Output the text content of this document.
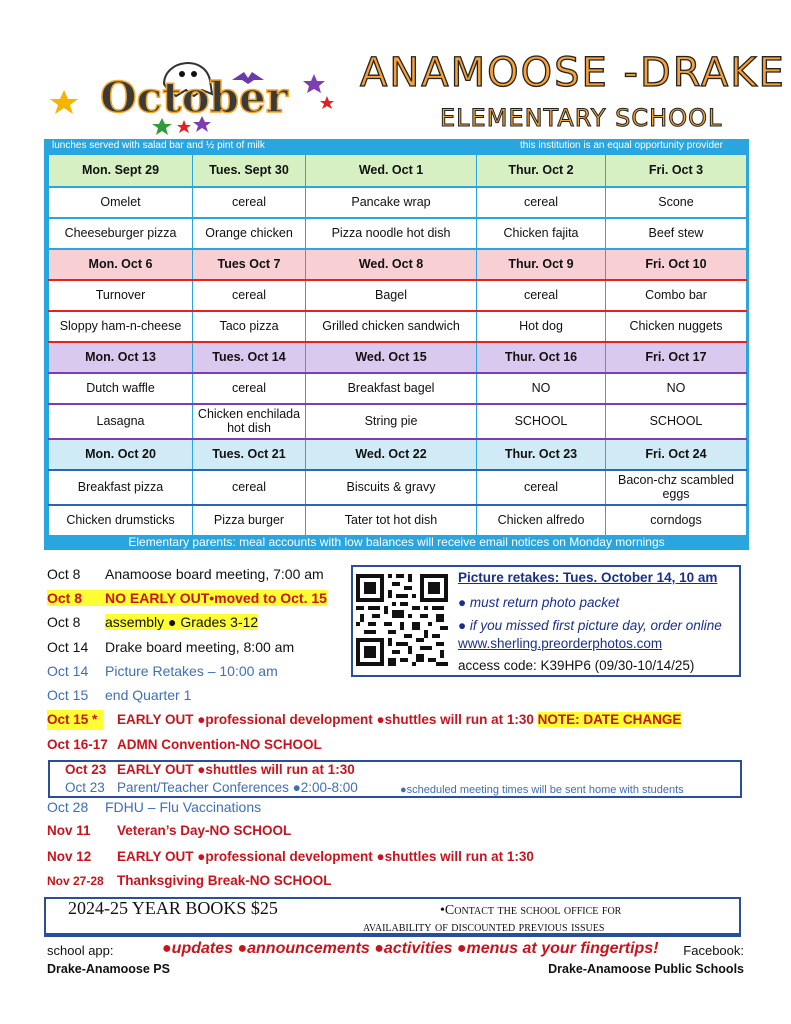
October ANAMOOSE -DRAKE
ELEMENTARY SCHOOL
lunches served with salad bar and ½ pint of milk	this institution is an equal opportunity provider
Mon. Sept 29	Tues. Sept 30	Wed. Oct 1	Thur. Oct 2	Fri. Oct 3
Omelet	cereal	Pancake wrap	cereal	Scone
Cheeseburger pizza	Orange chicken	Pizza noodle hot dish	Chicken fajita	Beef stew
Mon. Oct 6	Tues Oct 7	Wed. Oct 8	Thur. Oct 9	Fri. Oct 10
Turnover	cereal	Bagel	cereal	Combo bar
Sloppy ham-n-cheese	Taco pizza	Grilled chicken sandwich	Hot dog	Chicken nuggets
Mon. Oct 13	Tues. Oct 14	Wed. Oct 15	Thur. Oct 16	Fri. Oct 17
Dutch waffle	cereal	Breakfast bagel	NO	NO
Lasagna	Chicken enchilada hot dish	String pie	SCHOOL	SCHOOL
Mon. Oct 20	Tues. Oct 21	Wed. Oct 22	Thur. Oct 23	Fri. Oct 24
Breakfast pizza	cereal	Biscuits & gravy	cereal	Bacon-chz scambled eggs
Chicken drumsticks	Pizza burger	Tater tot hot dish	Chicken alfredo	corndogs
Elementary parents: meal accounts with low balances will receive email notices on Monday mornings
Picture retakes: Tues. October 14, 10 am
● must return photo packet
● if you missed first picture day, order online
www.sherling.preorderphotos.com
access code: K39HP6 (09/30-10/14/25)
Oct 8 Anamoose board meeting, 7:00 am
Oct 8 NO EARLY OUT•moved to Oct. 15
Oct 8 assembly ● Grades 3-12
Oct 14 Drake board meeting, 8:00 am
Oct 14 Picture Retakes – 10:00 am
Oct 15 end Quarter 1
Oct 15 * EARLY OUT ●professional development ●shuttles will run at 1:30 NOTE: DATE CHANGE
Oct 16-17 ADMN Convention-NO SCHOOL
Oct 23 EARLY OUT ●shuttles will run at 1:30
Oct 23 Parent/Teacher Conferences ●2:00-8:00	●scheduled meeting times will be sent home with students
Oct 28 FDHU – Flu Vaccinations
Nov 11 Veteran’s Day-NO SCHOOL
Nov 12 EARLY OUT ●professional development ●shuttles will run at 1:30
Nov 27-28 Thanksgiving Break-NO SCHOOL
2024-25 YEAR BOOKS $25	•Contact the school office for
availability of discounted previous issues
school app:
Drake-Anamoose PS
●updates ●announcements ●activities ●menus at your fingertips! Facebook:
Drake-Anamoose Public Schools
